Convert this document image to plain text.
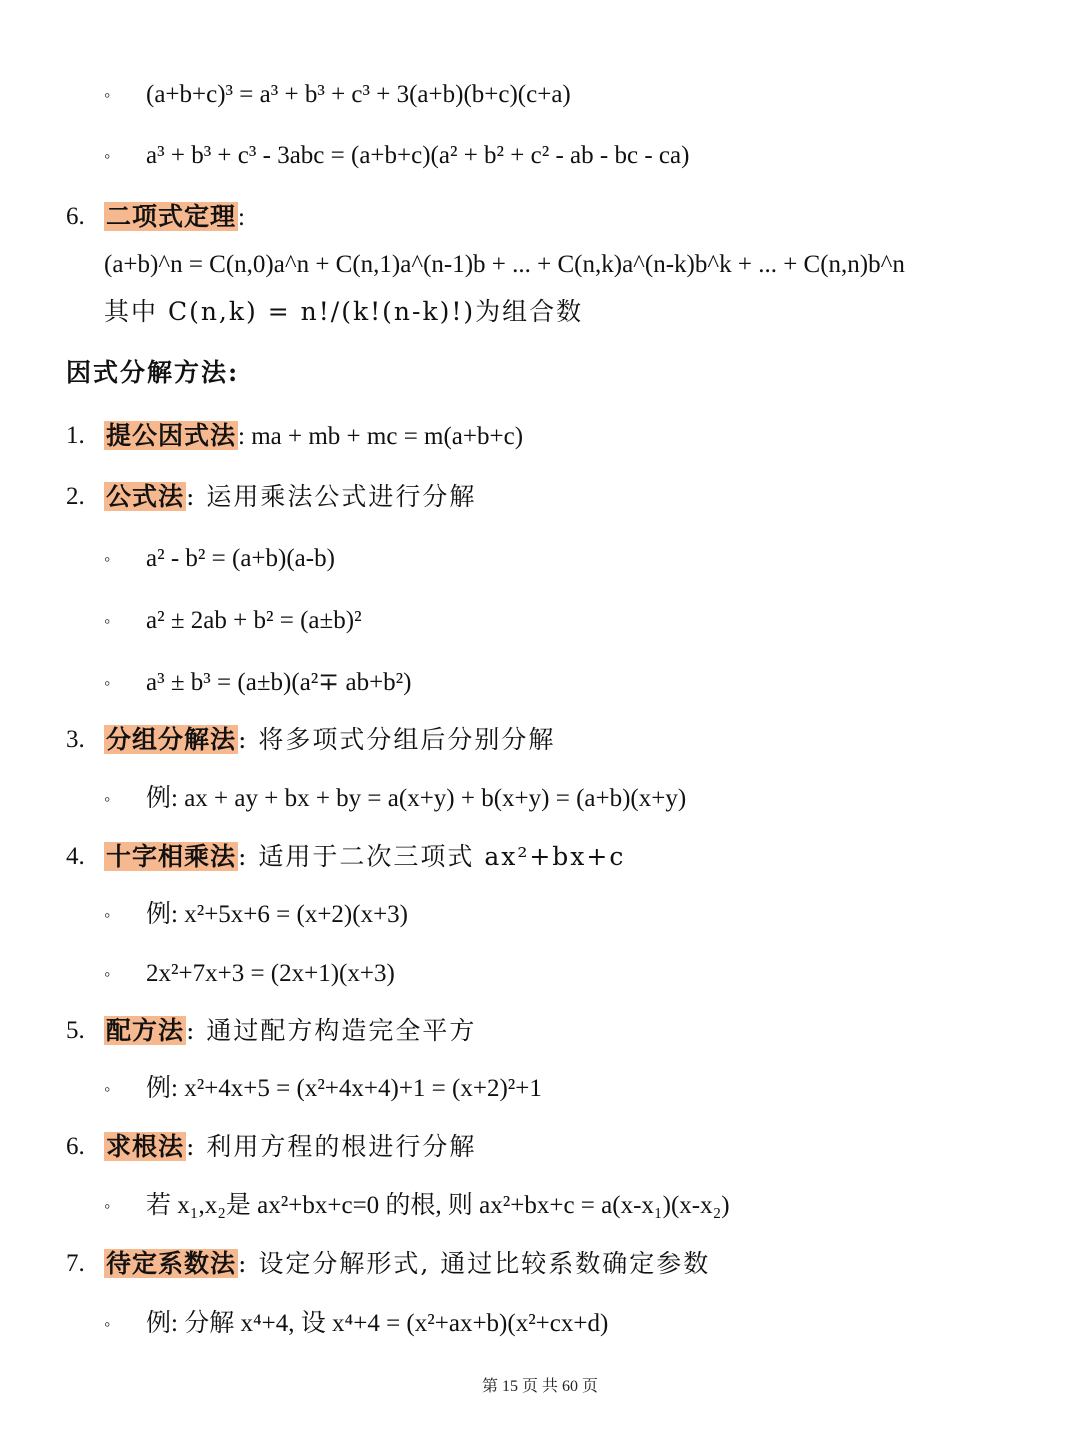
◦ (a+b+c)³ = a³ + b³ + c³ + 3(a+b)(b+c)(c+a)
◦ a³ + b³ + c³ - 3abc = (a+b+c)(a² + b² + c² - ab - bc - ca)
6. 二项式定理:
(a+b)^n = C(n,0)a^n + C(n,1)a^(n-1)b + ... + C(n,k)a^(n-k)b^k + ... + C(n,n)b^n
其中 C(n,k) = n!/(k!(n-k)!)为组合数
因式分解方法:
1. 提公因式法: ma + mb + mc = m(a+b+c)
2. 公式法: 运用乘法公式进行分解
◦ a² - b² = (a+b)(a-b)
◦ a² ± 2ab + b² = (a±b)²
◦ a³ ± b³ = (a±b)(a²∓ ab+b²)
3. 分组分解法: 将多项式分组后分别分解
◦ 例: ax + ay + bx + by = a(x+y) + b(x+y) = (a+b)(x+y)
4. 十字相乘法: 适用于二次三项式 ax²+bx+c
◦ 例: x²+5x+6 = (x+2)(x+3)
◦ 2x²+7x+3 = (2x+1)(x+3)
5. 配方法: 通过配方构造完全平方
◦ 例: x²+4x+5 = (x²+4x+4)+1 = (x+2)²+1
6. 求根法: 利用方程的根进行分解
◦ 若 x₁,x₂是 ax²+bx+c=0 的根, 则 ax²+bx+c = a(x-x₁)(x-x₂)
7. 待定系数法: 设定分解形式, 通过比较系数确定参数
◦ 例: 分解 x⁴+4, 设 x⁴+4 = (x²+ax+b)(x²+cx+d)
第 15 页 共 60 页
